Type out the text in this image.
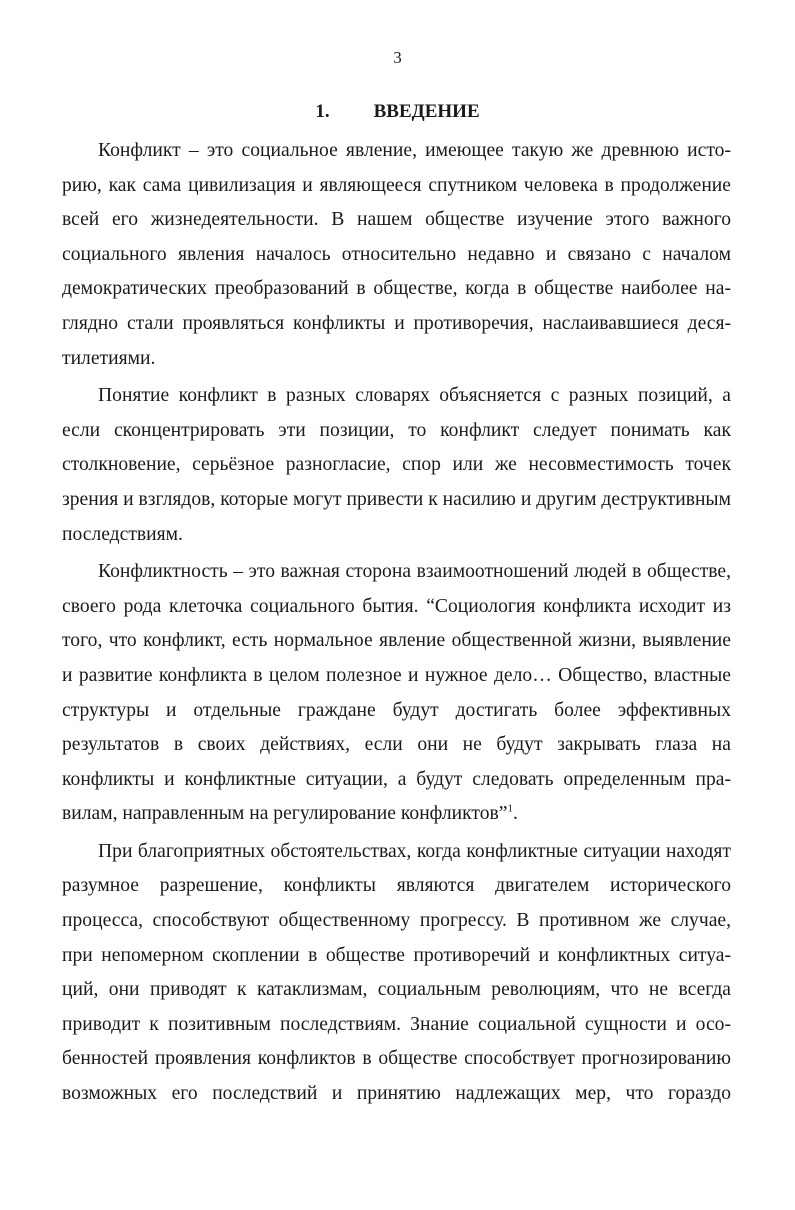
3
1. ВВЕДЕНИЕ

Конфликт – это социальное явление, имеющее такую же древнюю историю, как сама цивилизация и являющееся спутником человека в продолжение всей его жизнедеятельности. В нашем обществе изучение этого важного социального явления началось относительно недавно и связано с началом демократических преобразований в обществе, когда в обществе наиболее наглядно стали проявляться конфликты и противоречия, наслаивавшиеся десятилетиями.

Понятие конфликт в разных словарях объясняется с разных позиций, а если сконцентрировать эти позиции, то конфликт следует понимать как столкновение, серьёзное разногласие, спор или же несовместимость точек зрения и взглядов, которые могут привести к насилию и другим деструктивным последствиям.

Конфликтность – это важная сторона взаимоотношений людей в обществе, своего рода клеточка социального бытия. “Социология конфликта исходит из того, что конфликт, есть нормальное явление общественной жизни, выявление и развитие конфликта в целом полезное и нужное дело… Общество, властные структуры и отдельные граждане будут достигать более эффективных результатов в своих действиях, если они не будут закрывать глаза на конфликты и конфликтные ситуации, а будут следовать определенным правилам, направленным на регулирование конфликтов”$^1$.

При благоприятных обстоятельствах, когда конфликтные ситуации находят разумное разрешение, конфликты являются двигателем исторического процесса, способствуют общественному прогрессу. В противном же случае, при непомерном скоплении в обществе противоречий и конфликтных ситуаций, они приводят к катаклизмам, социальным революциям, что не всегда приводит к позитивным последствиям. Знание социальной сущности и особенностей проявления конфликтов в обществе способствует прогнозированию возможных его последствий и принятию надлежащих мер, что гораздо
